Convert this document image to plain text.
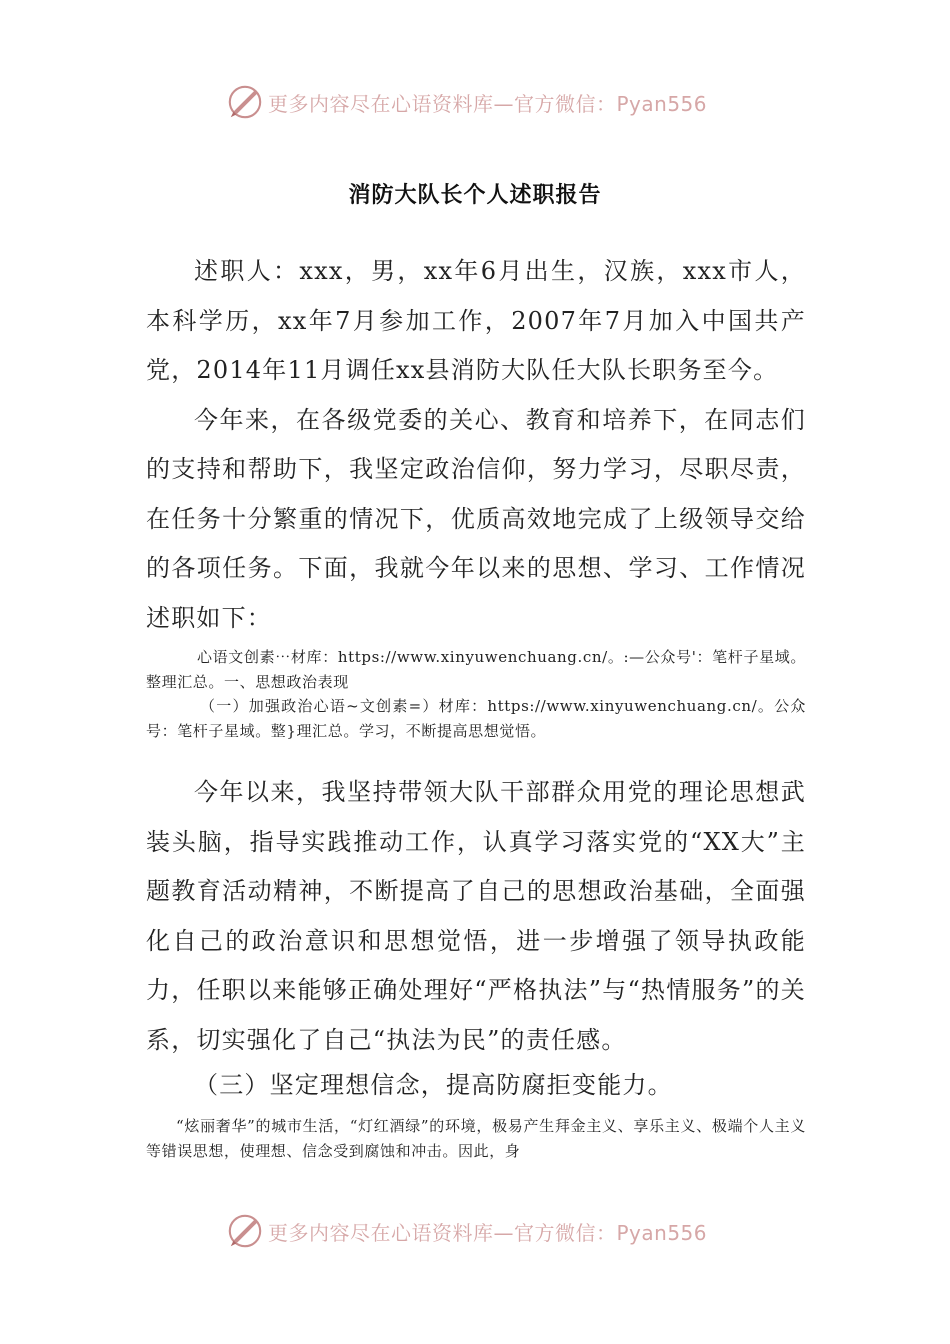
更多内容尽在心语资料库—官方微信：Pyan556
消防大队长个人述职报告

述职人：xxx，男，xx年6月出生，汉族，xxx市人，本科学历，xx年7月参加工作，2007年7月加入中国共产党，2014年11月调任xx县消防大队任大队长职务至今。

今年来，在各级党委的关心、教育和培养下，在同志们的支持和帮助下，我坚定政治信仰，努力学习，尽职尽责，在任务十分繁重的情况下，优质高效地完成了上级领导交给的各项任务。下面，我就今年以来的思想、学习、工作情况述职如下：

心语文创素⋯材库：https://www.xinyuwenchuang.cn/。:—公众号'：笔杆子星域。整理汇总。一、思想政治表现

（一）加强政治心语~文创素=）材库：https://www.xinyuwenchuang.cn/。公众号：笔杆子星域。整}理汇总。学习，不断提高思想觉悟。

今年以来，我坚持带领大队干部群众用党的理论思想武装头脑，指导实践推动工作，认真学习落实党的“XX大”主题教育活动精神，不断提高了自己的思想政治基础，全面强化自己的政治意识和思想觉悟，进一步增强了领导执政能力，任职以来能够正确处理好“严格执法”与“热情服务”的关系，切实强化了自己“执法为民”的责任感。

（三）坚定理想信念，提高防腐拒变能力。

“炫丽奢华”的城市生活，“灯红酒绿”的环境，极易产生拜金主义、享乐主义、极端个人主义等错误思想，使理想、信念受到腐蚀和冲击。因此，身

更多内容尽在心语资料库—官方微信：Pyan556
